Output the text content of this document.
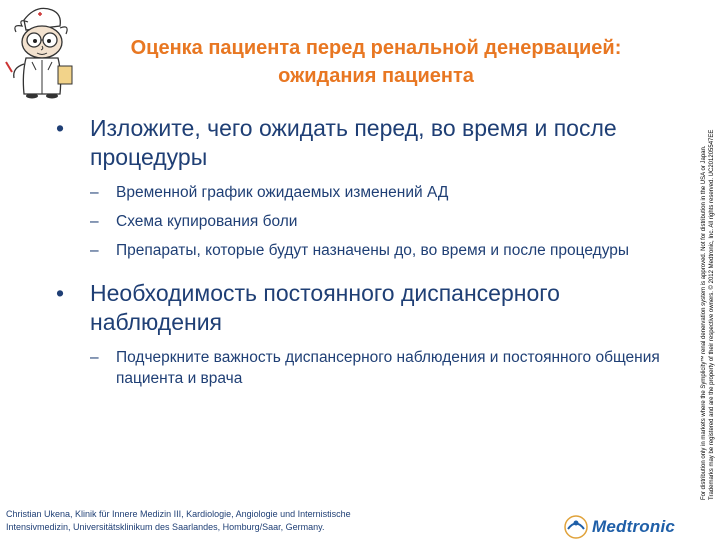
Оценка пациента перед ренальной денервацией:
ожидания пациента
• Изложите, чего ожидать перед, во время и после процедуры
– Временной график ожидаемых изменений АД
– Схема купирования боли
– Препараты, которые будут назначены до, во время и после процедуры
• Необходимость постоянного диспансерного наблюдения
– Подчеркните важность диспансерного наблюдения и постоянного общения пациента и врача
Christian Ukena, Klinik für Innere Medizin III, Kardiologie, Angiologie und Internistische
Intensivmedizin, Universitätsklinikum des Saarlandes, Homburg/Saar, Germany.	Medtronic
For distribution only in markets where the Symplicity™ renal denervation system is approved. Not for distribution in the USA or Japan. Trademarks may be registered and are the property of their respective owners. © 2012 Medtronic, Inc. All rights reserved. UC201205547EE
